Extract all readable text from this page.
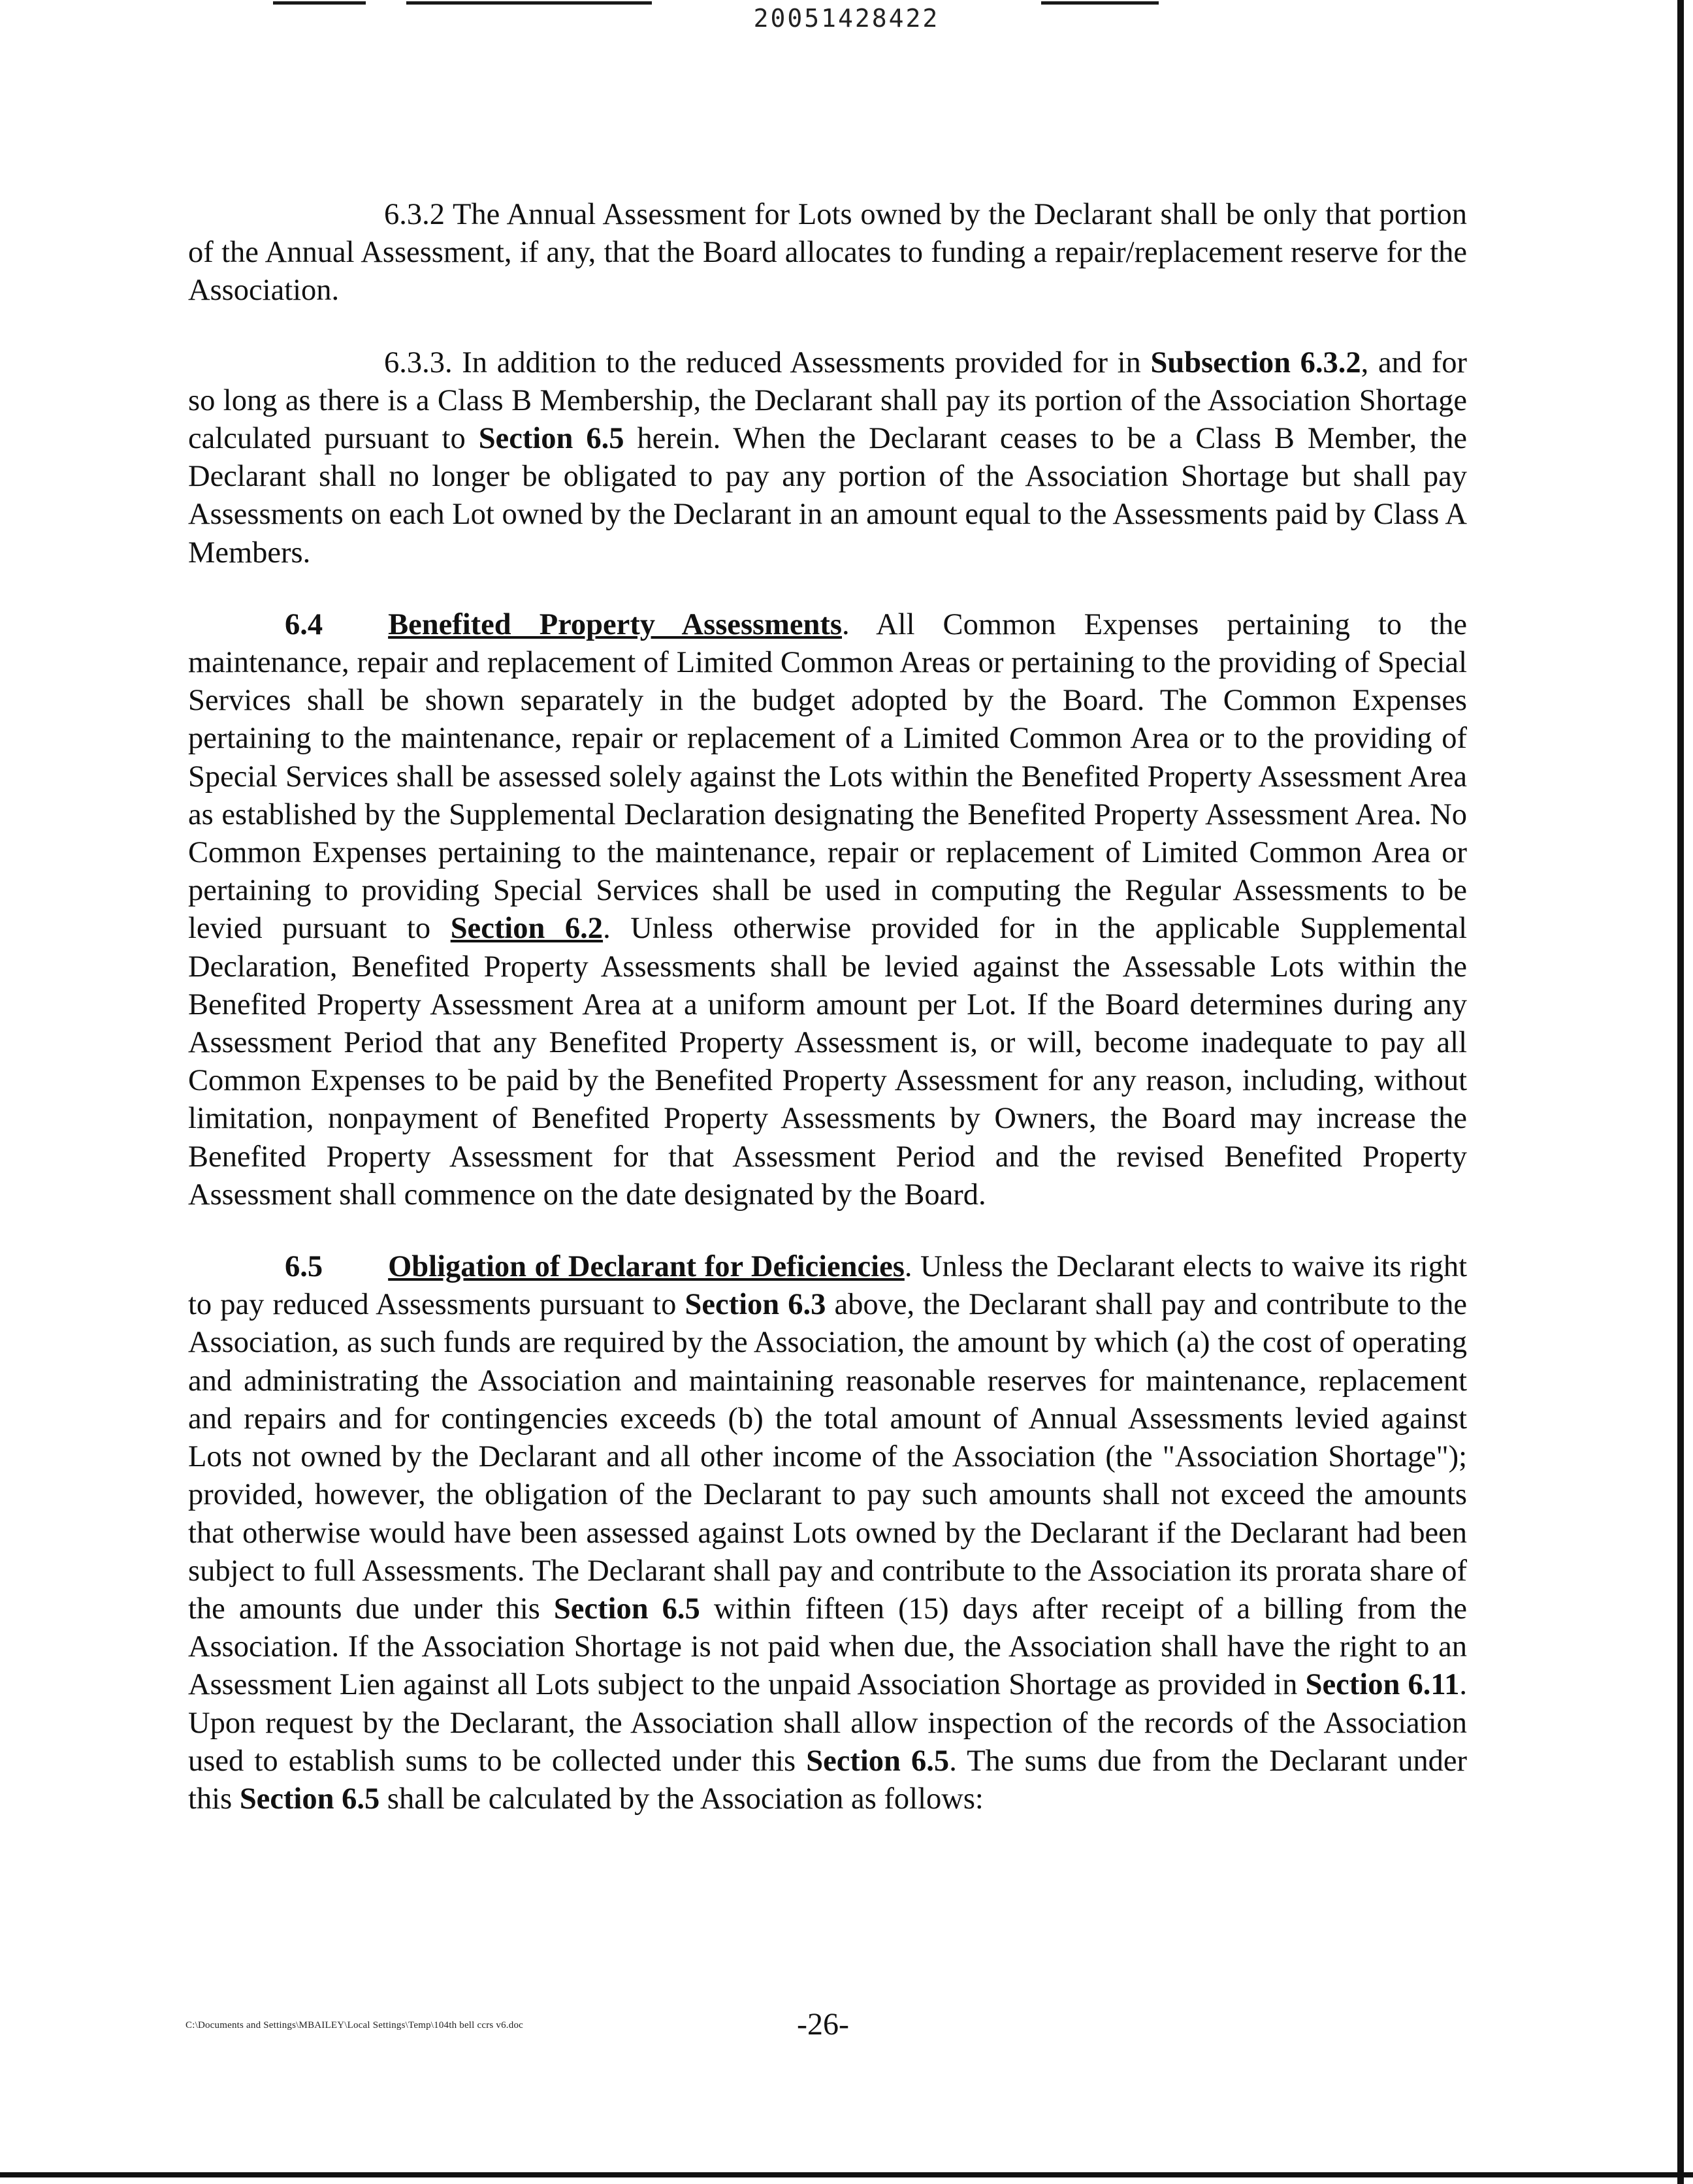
20051428422

6.3.2 The Annual Assessment for Lots owned by the Declarant shall be only that portion of the Annual Assessment, if any, that the Board allocates to funding a repair/replacement reserve for the Association.

6.3.3. In addition to the reduced Assessments provided for in Subsection 6.3.2, and for so long as there is a Class B Membership, the Declarant shall pay its portion of the Association Shortage calculated pursuant to Section 6.5 herein. When the Declarant ceases to be a Class B Member, the Declarant shall no longer be obligated to pay any portion of the Association Shortage but shall pay Assessments on each Lot owned by the Declarant in an amount equal to the Assessments paid by Class A Members.

6.4 Benefited Property Assessments. All Common Expenses pertaining to the maintenance, repair and replacement of Limited Common Areas or pertaining to the providing of Special Services shall be shown separately in the budget adopted by the Board. The Common Expenses pertaining to the maintenance, repair or replacement of a Limited Common Area or to the providing of Special Services shall be assessed solely against the Lots within the Benefited Property Assessment Area as established by the Supplemental Declaration designating the Benefited Property Assessment Area. No Common Expenses pertaining to the maintenance, repair or replacement of Limited Common Area or pertaining to providing Special Services shall be used in computing the Regular Assessments to be levied pursuant to Section 6.2. Unless otherwise provided for in the applicable Supplemental Declaration, Benefited Property Assessments shall be levied against the Assessable Lots within the Benefited Property Assessment Area at a uniform amount per Lot. If the Board determines during any Assessment Period that any Benefited Property Assessment is, or will, become inadequate to pay all Common Expenses to be paid by the Benefited Property Assessment for any reason, including, without limitation, nonpayment of Benefited Property Assessments by Owners, the Board may increase the Benefited Property Assessment for that Assessment Period and the revised Benefited Property Assessment shall commence on the date designated by the Board.

6.5 Obligation of Declarant for Deficiencies. Unless the Declarant elects to waive its right to pay reduced Assessments pursuant to Section 6.3 above, the Declarant shall pay and contribute to the Association, as such funds are required by the Association, the amount by which (a) the cost of operating and administrating the Association and maintaining reasonable reserves for maintenance, replacement and repairs and for contingencies exceeds (b) the total amount of Annual Assessments levied against Lots not owned by the Declarant and all other income of the Association (the "Association Shortage"); provided, however, the obligation of the Declarant to pay such amounts shall not exceed the amounts that otherwise would have been assessed against Lots owned by the Declarant if the Declarant had been subject to full Assessments. The Declarant shall pay and contribute to the Association its prorata share of the amounts due under this Section 6.5 within fifteen (15) days after receipt of a billing from the Association. If the Association Shortage is not paid when due, the Association shall have the right to an Assessment Lien against all Lots subject to the unpaid Association Shortage as provided in Section 6.11. Upon request by the Declarant, the Association shall allow inspection of the records of the Association used to establish sums to be collected under this Section 6.5. The sums due from the Declarant under this Section 6.5 shall be calculated by the Association as follows:

C:\Documents and Settings\MBAILEY\Local Settings\Temp\104th bell ccrs v6.doc	-26-
